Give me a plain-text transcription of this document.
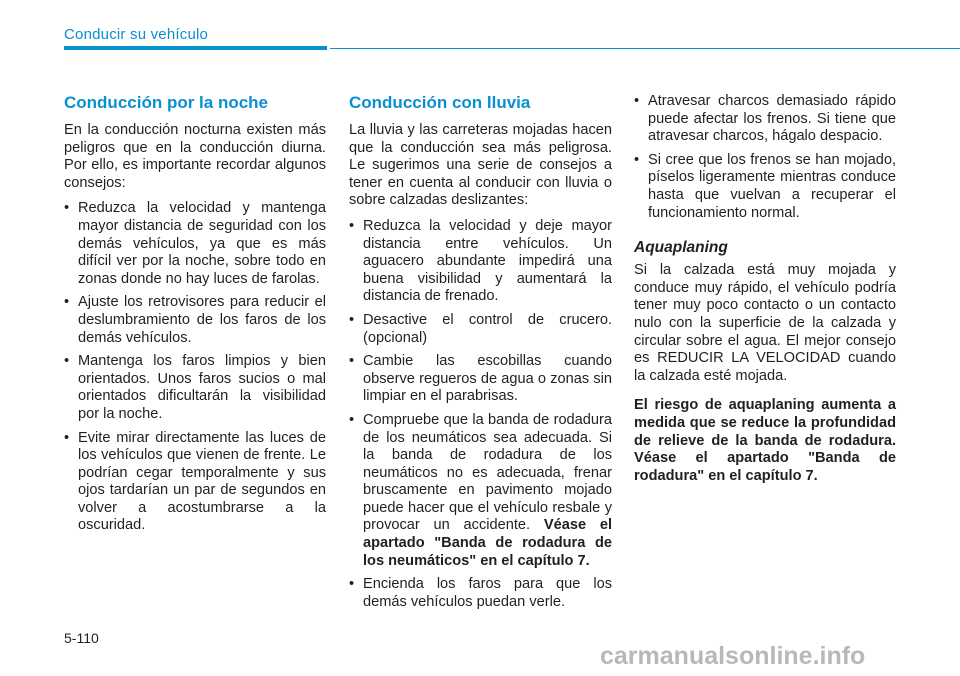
Conducir su vehículo
Conducción por la noche

En la conducción nocturna existen más peligros que en la conducción diurna. Por ello, es importante recordar algunos consejos:

• Reduzca la velocidad y mantenga mayor distancia de seguridad con los demás vehículos, ya que es más difícil ver por la noche, sobre todo en zonas donde no hay luces de farolas.
• Ajuste los retrovisores para reducir el deslumbramiento de los faros de los demás vehículos.
• Mantenga los faros limpios y bien orientados. Unos faros sucios o mal orientados dificultarán la visibilidad por la noche.
• Evite mirar directamente las luces de los vehículos que vienen de frente. Le podrían cegar temporalmente y sus ojos tardarían un par de segundos en volver a acostumbrarse a la oscuridad.
Conducción con lluvia

La lluvia y las carreteras mojadas hacen que la conducción sea más peligrosa. Le sugerimos una serie de consejos a tener en cuenta al conducir con lluvia o sobre calzadas deslizantes:

• Reduzca la velocidad y deje mayor distancia entre vehículos. Un aguacero abundante impedirá una buena visibilidad y aumentará la distancia de frenado.
• Desactive el control de crucero. (opcional)
• Cambie las escobillas cuando observe regueros de agua o zonas sin limpiar en el parabrisas.
• Compruebe que la banda de rodadura de los neumáticos sea adecuada. Si la banda de rodadura de los neumáticos no es adecuada, frenar bruscamente en pavimento mojado puede hacer que el vehículo resbale y provocar un accidente. Véase el apartado "Banda de rodadura de los neumáticos" en el capítulo 7.
• Encienda los faros para que los demás vehículos puedan verle.
• Atravesar charcos demasiado rápido puede afectar los frenos. Si tiene que atravesar charcos, hágalo despacio.
• Si cree que los frenos se han mojado, píselos ligeramente mientras conduce hasta que vuelvan a recuperar el funcionamiento normal.
Aquaplaning

Si la calzada está muy mojada y conduce muy rápido, el vehículo podría tener muy poco contacto o un contacto nulo con la superficie de la calzada y circular sobre el agua. El mejor consejo es REDUCIR LA VELOCIDAD cuando la calzada esté mojada.

El riesgo de aquaplaning aumenta a medida que se reduce la profundidad de relieve de la banda de rodadura. Véase el apartado "Banda de rodadura" en el capítulo 7.

5-110
carmanualsonline.info
